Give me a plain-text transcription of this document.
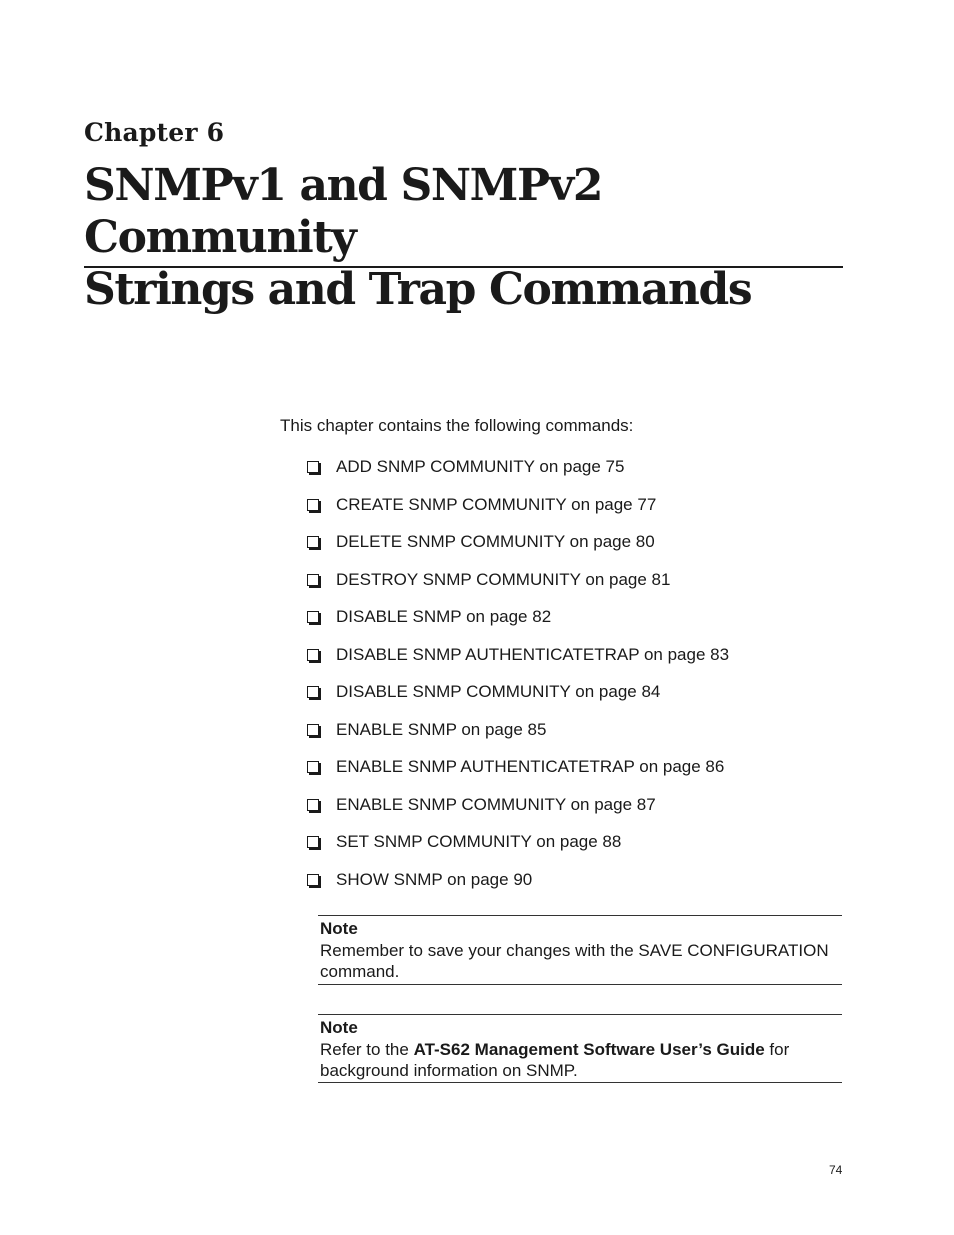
Chapter 6
SNMPv1 and SNMPv2 Community
Strings and Trap Commands
This chapter contains the following commands:
ADD SNMP COMMUNITY on page 75
CREATE SNMP COMMUNITY on page 77
DELETE SNMP COMMUNITY on page 80
DESTROY SNMP COMMUNITY on page 81
DISABLE SNMP on page 82
DISABLE SNMP AUTHENTICATETRAP on page 83
DISABLE SNMP COMMUNITY on page 84
ENABLE SNMP on page 85
ENABLE SNMP AUTHENTICATETRAP on page 86
ENABLE SNMP COMMUNITY on page 87
SET SNMP COMMUNITY on page 88
SHOW SNMP on page 90
Note
Remember to save your changes with the SAVE CONFIGURATION command.
Note
Refer to the AT-S62 Management Software User’s Guide for background information on SNMP.
74
